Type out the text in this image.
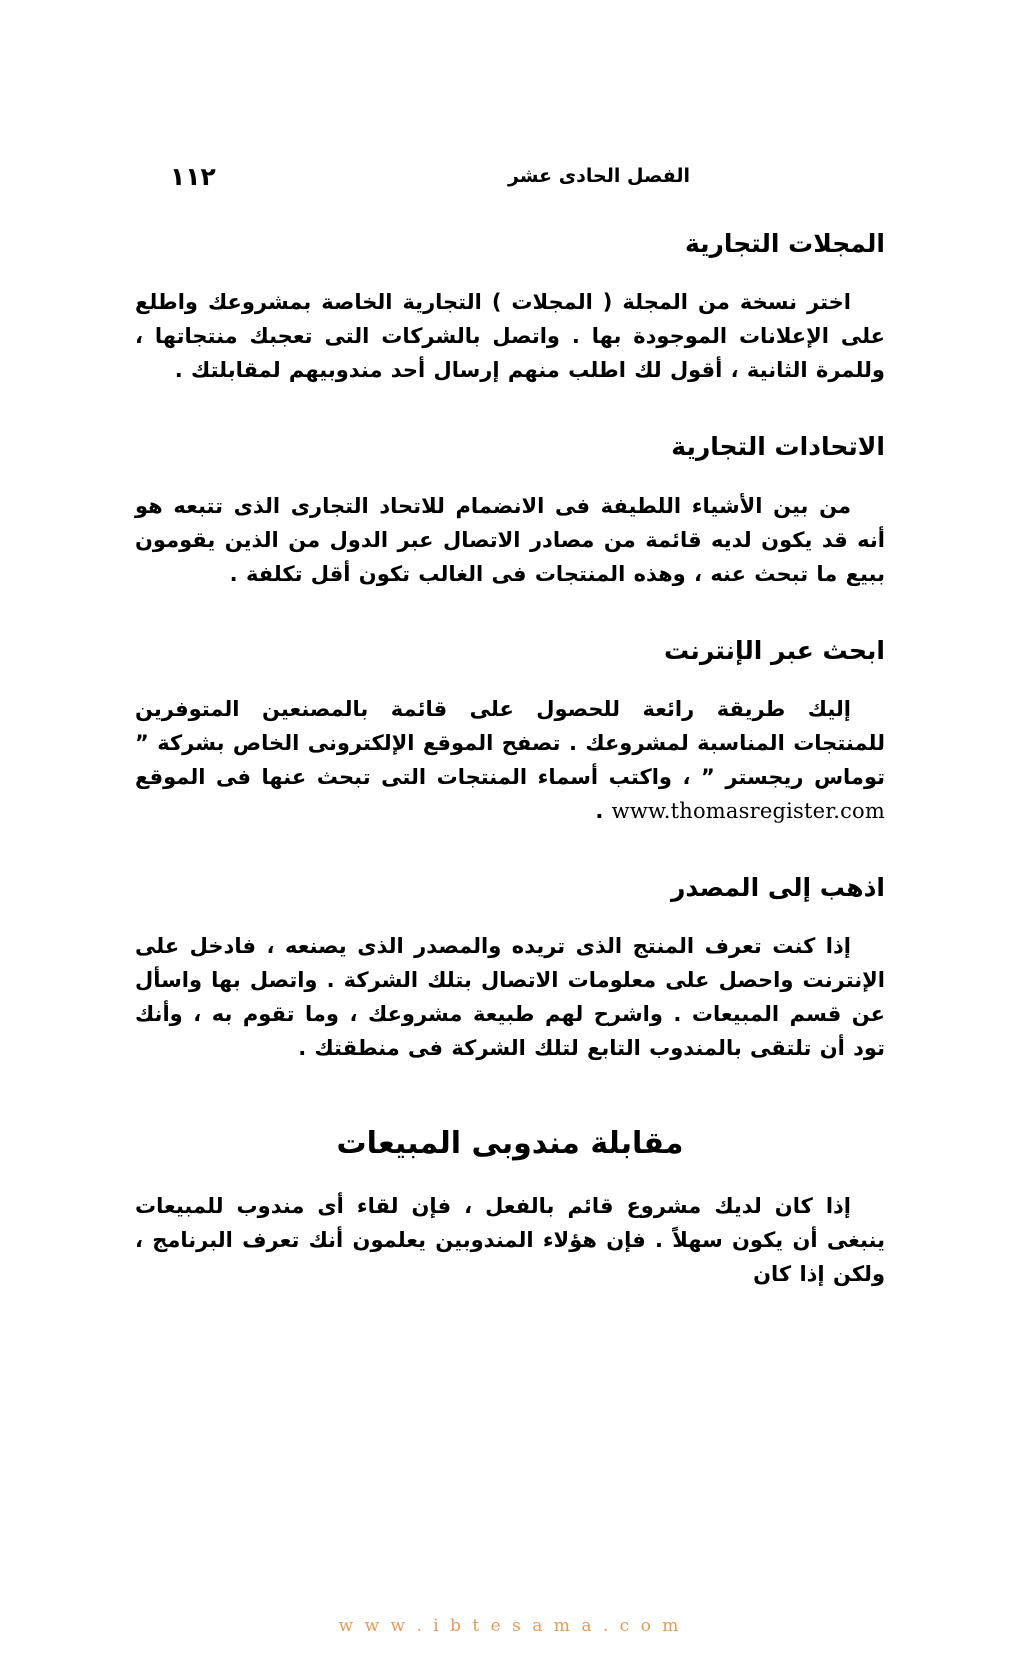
١١٢	الفصل الحادى عشر
المجلات التجارية

اختر نسخة من المجلة ( المجلات ) التجارية الخاصة بمشروعك واطلع على الإعلانات الموجودة بها . واتصل بالشركات التى تعجبك منتجاتها ، وللمرة الثانية ، أقول لك اطلب منهم إرسال أحد مندوبيهم لمقابلتك .

الاتحادات التجارية

من بين الأشياء اللطيفة فى الانضمام للاتحاد التجارى الذى تتبعه هو أنه قد يكون لديه قائمة من مصادر الاتصال عبر الدول من الذين يقومون ببيع ما تبحث عنه ، وهذه المنتجات فى الغالب تكون أقل تكلفة .

ابحث عبر الإنترنت

إليك طريقة رائعة للحصول على قائمة بالمصنعين المتوفرين للمنتجات المناسبة لمشروعك . تصفح الموقع الإلكترونى الخاص بشركة ” توماس ريجستر ” ، واكتب أسماء المنتجات التى تبحث عنها فى الموقع www.thomasregister.com .

اذهب إلى المصدر

إذا كنت تعرف المنتج الذى تريده والمصدر الذى يصنعه ، فادخل على الإنترنت واحصل على معلومات الاتصال بتلك الشركة . واتصل بها واسأل عن قسم المبيعات . واشرح لهم طبيعة مشروعك ، وما تقوم به ، وأنك تود أن تلتقى بالمندوب التابع لتلك الشركة فى منطقتك .

مقابلة مندوبى المبيعات

إذا كان لديك مشروع قائم بالفعل ، فإن لقاء أى مندوب للمبيعات ينبغى أن يكون سهلاً . فإن هؤلاء المندوبين يعلمون أنك تعرف البرنامج ، ولكن إذا كان

w w w . i b t e s a m a . c o m
